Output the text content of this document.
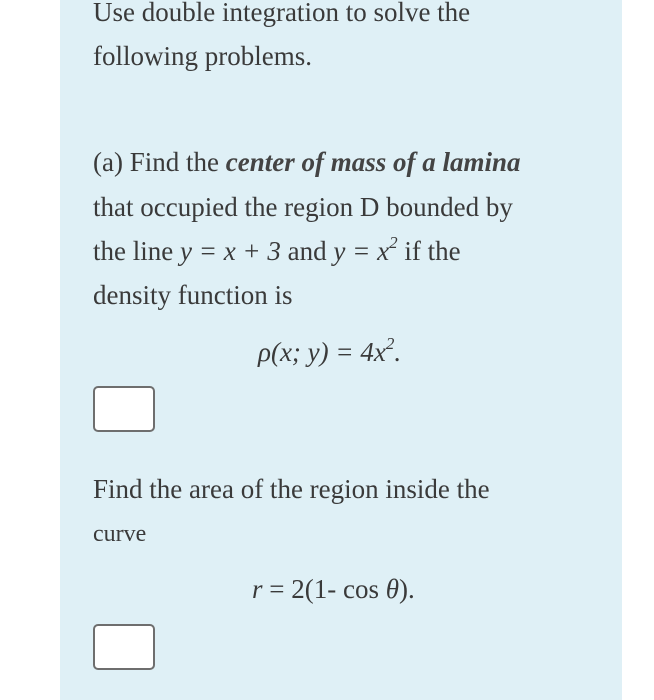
Use double integration to solve the
following problems.
(a) Find the center of mass of a lamina
that occupied the region D bounded by
the line y = x + 3 and $y = x^2$ if the
density function is
ρ(x; $y) = 4x^2$.
Find the area of the region inside the
curve
r = 2(1- cos θ).
